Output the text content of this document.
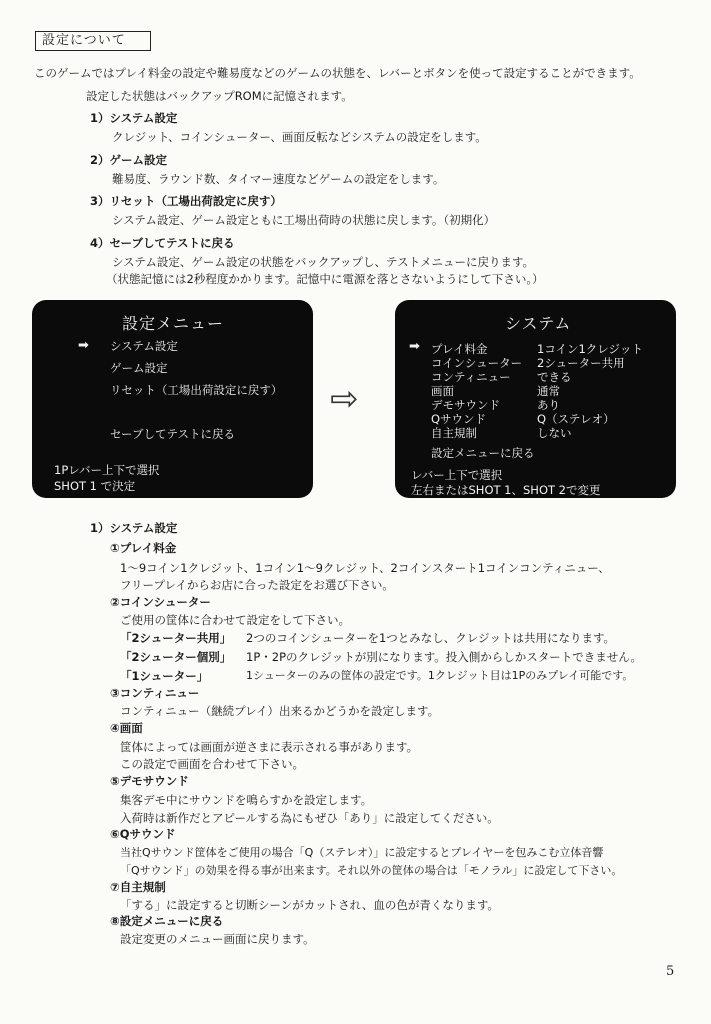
設定について
このゲームではプレイ料金の設定や難易度などのゲームの状態を、レバーとボタンを使って設定することができます。
設定した状態はバックアップROMに記憶されます。
1）システム設定
クレジット、コインシューター、画面反転などシステムの設定をします。
2）ゲーム設定
難易度、ラウンド数、タイマー速度などゲームの設定をします。
3）リセット（工場出荷設定に戻す）
システム設定、ゲーム設定ともに工場出荷時の状態に戻します。（初期化）
4）セーブしてテストに戻る
システム設定、ゲーム設定の状態をバックアップし、テストメニューに戻ります。
（状態記憶には2秒程度かかります。記憶中に電源を落とさないようにして下さい。）
設定メニュー
➡ システム設定
ゲーム設定
リセット（工場出荷設定に戻す）
セーブしてテストに戻る
1Pレバー上下で選択
SHOT 1 で決定
⇨
システム
➡ プレイ料金	1コイン1クレジット
コインシューター 2シューター共用
コンティニュー できる
画面	通常
デモサウンド	あり
Qサウンド	Q（ステレオ）
自主規制	しない
設定メニューに戻る
レバー上下で選択
左右またはSHOT 1、SHOT 2で変更
1）システム設定
①プレイ料金
1〜9コイン1クレジット、1コイン1〜9クレジット、2コインスタート1コインコンティニュー、
フリープレイからお店に合った設定をお選び下さい。
②コインシューター
ご使用の筐体に合わせて設定をして下さい。
「2シューター共用」 2つのコインシューターを1つとみなし、クレジットは共用になります。
「2シューター個別」 1P・2Pのクレジットが別になります。投入側からしかスタートできません。
「1シューター」	1シューターのみの筐体の設定です。1クレジット目は1Pのみプレイ可能です。
③コンティニュー
コンティニュー（継続プレイ）出来るかどうかを設定します。
④画面
筐体によっては画面が逆さまに表示される事があります。
この設定で画面を合わせて下さい。
⑤デモサウンド
集客デモ中にサウンドを鳴らすかを設定します。
入荷時は新作だとアピールする為にもぜひ「あり」に設定してください。
⑥Qサウンド
当社Qサウンド筐体をご使用の場合「Q（ステレオ）」に設定するとプレイヤーを包みこむ立体音響
「Qサウンド」の効果を得る事が出来ます。それ以外の筐体の場合は「モノラル」に設定して下さい。
⑦自主規制
「する」に設定すると切断シーンがカットされ、血の色が青くなります。
⑧設定メニューに戻る
設定変更のメニュー画面に戻ります。
5
